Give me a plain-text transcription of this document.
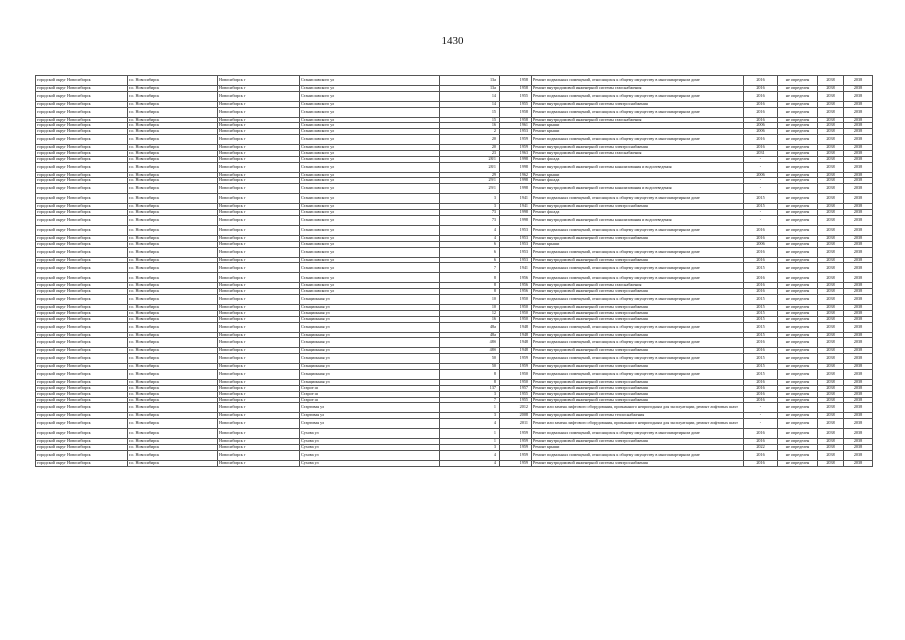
1430
городской округ Новосибирск	г.о. Новосибирск	Новосибирск г	Станиславского ул	13а	1958	Ремонт подвальных помещений, относящихся к общему имуществу в многоквартирном доме	2016	не определен	2038	2038
городской округ Новосибирск	г.о. Новосибирск	Новосибирск г	Станиславского ул	13а	1958	Ремонт внутридомовой инженерной системы газоснабжения	2016	не определен	2038	2038
городской округ Новосибирск	г.о. Новосибирск	Новосибирск г	Станиславского ул	14	1955	Ремонт подвальных помещений, относящихся к общему имуществу в многоквартирном доме	2016	не определен	2038	2038
городской округ Новосибирск	г.о. Новосибирск	Новосибирск г	Станиславского ул	14	1955	Ремонт внутридомовой инженерной системы электроснабжения	2016	не определен	2038	2038
городской округ Новосибирск	г.о. Новосибирск	Новосибирск г	Станиславского ул	15	1958	Ремонт подвальных помещений, относящихся к общему имуществу в многоквартирном доме	2016	не определен	2038	2038
городской округ Новосибирск	г.о. Новосибирск	Новосибирск г	Станиславского ул	15	1958	Ремонт внутридомовой инженерной системы газоснабжения	2016	не определен	2038	2038
городской округ Новосибирск	г.о. Новосибирск	Новосибирск г	Станиславского ул	16	1961	Ремонт крыши	2006	не определен	2038	2038
городской округ Новосибирск	г.о. Новосибирск	Новосибирск г	Станиславского ул	2	1953	Ремонт крыши	2006	не определен	2038	2038
городской округ Новосибирск	г.о. Новосибирск	Новосибирск г	Станиславского ул	20	1959	Ремонт подвальных помещений, относящихся к общему имуществу в многоквартирном доме	2016	не определен	2038	2038
городской округ Новосибирск	г.о. Новосибирск	Новосибирск г	Станиславского ул	20	1959	Ремонт внутридомовой инженерной системы электроснабжения	2016	не определен	2038	2038
городской округ Новосибирск	г.о. Новосибирск	Новосибирск г	Станиславского ул	23	1963	Ремонт внутридомовой инженерной системы газоснабжения	2031	не определен	2038	2038
городской округ Новосибирск	г.о. Новосибирск	Новосибирск г	Станиславского ул	28/1	1998	Ремонт фасада	-	не определен	2038	2038
городской округ Новосибирск	г.о. Новосибирск	Новосибирск г	Станиславского ул	28/1	1998	Ремонт внутридомовой инженерной системы канализования и водоотведения	-	не определен	2038	2038
городской округ Новосибирск	г.о. Новосибирск	Новосибирск г	Станиславского ул	29	1962	Ремонт крыши	2006	не определен	2038	2038
городской округ Новосибирск	г.о. Новосибирск	Новосибирск г	Станиславского ул	29/1	1998	Ремонт фасада	-	не определен	2038	2038
городской округ Новосибирск	г.о. Новосибирск	Новосибирск г	Станиславского ул	29/1	1998	Ремонт внутридомовой инженерной системы канализования и водоотведения	-	не определен	2038	2038
городской округ Новосибирск	г.о. Новосибирск	Новосибирск г	Станиславского ул	3	1941	Ремонт подвальных помещений, относящихся к общему имуществу в многоквартирном доме	2015	не определен	2038	2038
городской округ Новосибирск	г.о. Новосибирск	Новосибирск г	Станиславского ул	3	1941	Ремонт внутридомовой инженерной системы электроснабжения	2015	не определен	2038	2038
городской округ Новосибирск	г.о. Новосибирск	Новосибирск г	Станиславского ул	73	1998	Ремонт фасада	-	не определен	2038	2038
городской округ Новосибирск	г.о. Новосибирск	Новосибирск г	Станиславского ул	73	1998	Ремонт внутридомовой инженерной системы канализования и водоотведения	-	не определен	2038	2038
городской округ Новосибирск	г.о. Новосибирск	Новосибирск г	Станиславского ул	4	1953	Ремонт подвальных помещений, относящихся к общему имуществу в многоквартирном доме	2016	не определен	2038	2038
городской округ Новосибирск	г.о. Новосибирск	Новосибирск г	Станиславского ул	4	1953	Ремонт внутридомовой инженерной системы электроснабжения	2016	не определен	2038	2038
городской округ Новосибирск	г.о. Новосибирск	Новосибирск г	Станиславского ул	6	1953	Ремонт крыши	2006	не определен	2038	2038
городской округ Новосибирск	г.о. Новосибирск	Новосибирск г	Станиславского ул	6	1953	Ремонт подвальных помещений, относящихся к общему имуществу в многоквартирном доме	2016	не определен	2038	2038
городской округ Новосибирск	г.о. Новосибирск	Новосибирск г	Станиславского ул	6	1953	Ремонт внутридомовой инженерной системы электроснабжения	2016	не определен	2038	2038
городской округ Новосибирск	г.о. Новосибирск	Новосибирск г	Станиславского ул	7	1941	Ремонт подвальных помещений, относящихся к общему имуществу в многоквартирном доме	2015	не определен	2038	2038
городской округ Новосибирск	г.о. Новосибирск	Новосибирск г	Станиславского ул	8	1956	Ремонт подвальных помещений, относящихся к общему имуществу в многоквартирном доме	2016	не определен	2038	2038
городской округ Новосибирск	г.о. Новосибирск	Новосибирск г	Станиславского ул	8	1956	Ремонт внутридомовой инженерной системы газоснабжения	2016	не определен	2038	2038
городской округ Новосибирск	г.о. Новосибирск	Новосибирск г	Станиславского ул	8	1956	Ремонт внутридомовой инженерной системы электроснабжения	2016	не определен	2038	2038
городской округ Новосибирск	г.о. Новосибирск	Новосибирск г	Станционная ул	10	1950	Ремонт подвальных помещений, относящихся к общему имуществу в многоквартирном доме	2015	не определен	2038	2038
городской округ Новосибирск	г.о. Новосибирск	Новосибирск г	Станционная ул	10	1950	Ремонт внутридомовой инженерной системы электроснабжения	2015	не определен	2038	2038
городской округ Новосибирск	г.о. Новосибирск	Новосибирск г	Станционная ул	12	1950	Ремонт внутридомовой инженерной системы электроснабжения	2015	не определен	2038	2038
городской округ Новосибирск	г.о. Новосибирск	Новосибирск г	Станционная ул	16	1950	Ремонт внутридомовой инженерной системы электроснабжения	2015	не определен	2038	2038
городской округ Новосибирск	г.о. Новосибирск	Новосибирск г	Станционная ул	48а	1948	Ремонт подвальных помещений, относящихся к общему имуществу в многоквартирном доме	2015	не определен	2038	2038
городской округ Новосибирск	г.о. Новосибирск	Новосибирск г	Станционная ул	48а	1948	Ремонт внутридомовой инженерной системы электроснабжения	2015	не определен	2038	2038
городской округ Новосибирск	г.о. Новосибирск	Новосибирск г	Станционная ул	48б	1948	Ремонт подвальных помещений, относящихся к общему имуществу в многоквартирном доме	2016	не определен	2038	2038
городской округ Новосибирск	г.о. Новосибирск	Новосибирск г	Станционная ул	48б	1948	Ремонт внутридомовой инженерной системы электроснабжения	2016	не определен	2038	2038
городской округ Новосибирск	г.о. Новосибирск	Новосибирск г	Станционная ул	50	1959	Ремонт подвальных помещений, относящихся к общему имуществу в многоквартирном доме	2015	не определен	2038	2038
городской округ Новосибирск	г.о. Новосибирск	Новосибирск г	Станционная ул	50	1959	Ремонт внутридомовой инженерной системы электроснабжения	2015	не определен	2038	2038
городской округ Новосибирск	г.о. Новосибирск	Новосибирск г	Станционная ул	8	1950	Ремонт подвальных помещений, относящихся к общему имуществу в многоквартирном доме	2015	не определен	2038	2038
городской округ Новосибирск	г.о. Новосибирск	Новосибирск г	Станционная ул	8	1950	Ремонт внутридомовой инженерной системы электроснабжения	2016	не определен	2038	2038
городской округ Новосибирск	г.о. Новосибирск	Новосибирск г	Старое ш	137	1957	Ремонт внутридомовой инженерной системы электроснабжения	2016	не определен	2038	2038
городской округ Новосибирск	г.о. Новосибирск	Новосибирск г	Старое ш	3	1955	Ремонт внутридомовой инженерной системы электроснабжения	2016	не определен	2038	2038
городской округ Новосибирск	г.о. Новосибирск	Новосибирск г	Старое ш	7	1955	Ремонт внутридомовой инженерной системы электроснабжения	2016	не определен	2038	2038
городской округ Новосибирск	г.о. Новосибирск	Новосибирск г	Стартовая ул	1	2012	Ремонт или замена лифтового оборудования, признанного непригодным для эксплуатации, ремонт лифтовых шахт	-	не определен	2038	2038
городской округ Новосибирск	г.о. Новосибирск	Новосибирск г	Стартовая ул	3	2008	Ремонт внутридомовой инженерной системы теплоснабжения	-	не определен	2038	2038
городской округ Новосибирск	г.о. Новосибирск	Новосибирск г	Стартовая ул	4	2011	Ремонт или замена лифтового оборудования, признанного непригодным для эксплуатации, ремонт лифтовых шахт	-	не определен	2038	2038
городской округ Новосибирск	г.о. Новосибирск	Новосибирск г	Сухова ул	1	1959	Ремонт подвальных помещений, относящихся к общему имуществу в многоквартирном доме	2016	не определен	2038	2038
городской округ Новосибирск	г.о. Новосибирск	Новосибирск г	Сухова ул	1	1959	Ремонт внутридомовой инженерной системы электроснабжения	2016	не определен	2038	2038
городской округ Новосибирск	г.о. Новосибирск	Новосибирск г	Сухова ул	3	1959	Ремонт крыши	2022	не определен	2038	2038
городской округ Новосибирск	г.о. Новосибирск	Новосибирск г	Сухова ул	4	1959	Ремонт подвальных помещений, относящихся к общему имуществу в многоквартирном доме	2016	не определен	2038	2038
городской округ Новосибирск	г.о. Новосибирск	Новосибирск г	Сухова ул	4	1959	Ремонт внутридомовой инженерной системы электроснабжения	2016	не определен	2038	2038
